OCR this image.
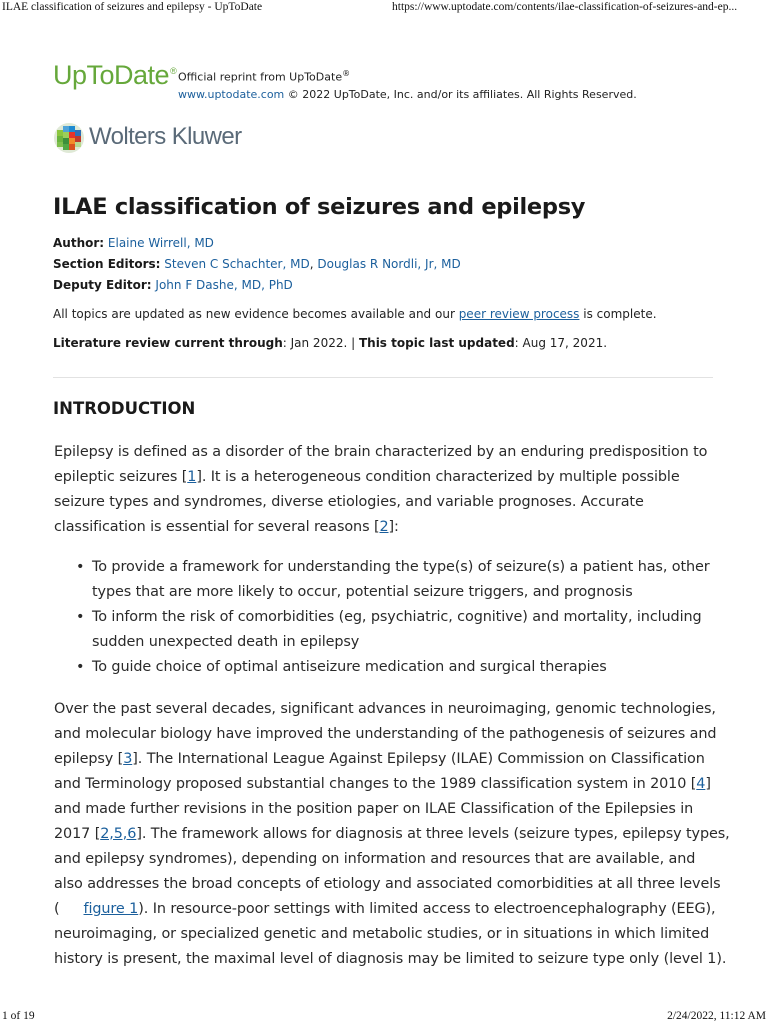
ILAE classification of seizures and epilepsy - UpToDate	https://www.uptodate.com/contents/ilae-classification-of-seizures-and-ep...
UpToDate® Official reprint from UpToDate®
www.uptodate.com © 2022 UpToDate, Inc. and/or its affiliates. All Rights Reserved.
Wolters Kluwer
ILAE classification of seizures and epilepsy
Author: Elaine Wirrell, MD
Section Editors: Steven C Schachter, MD, Douglas R Nordli, Jr, MD
Deputy Editor: John F Dashe, MD, PhD
All topics are updated as new evidence becomes available and our peer review process is complete.
Literature review current through: Jan 2022. | This topic last updated: Aug 17, 2021.
INTRODUCTION

Epilepsy is defined as a disorder of the brain characterized by an enduring predisposition to
epileptic seizures [1]. It is a heterogeneous condition characterized by multiple possible
seizure types and syndromes, diverse etiologies, and variable prognoses. Accurate
classification is essential for several reasons [2]:

• To provide a framework for understanding the type(s) of seizure(s) a patient has, other
types that are more likely to occur, potential seizure triggers, and prognosis
• To inform the risk of comorbidities (eg, psychiatric, cognitive) and mortality, including
sudden unexpected death in epilepsy
• To guide choice of optimal antiseizure medication and surgical therapies

Over the past several decades, significant advances in neuroimaging, genomic technologies,
and molecular biology have improved the understanding of the pathogenesis of seizures and
epilepsy [3]. The International League Against Epilepsy (ILAE) Commission on Classification
and Terminology proposed substantial changes to the 1989 classification system in 2010 [4]
and made further revisions in the position paper on ILAE Classification of the Epilepsies in
2017 [2,5,6]. The framework allows for diagnosis at three levels (seizure types, epilepsy types,
and epilepsy syndromes), depending on information and resources that are available, and
also addresses the broad concepts of etiology and associated comorbidities at all three levels
( figure 1). In resource-poor settings with limited access to electroencephalography (EEG),
neuroimaging, or specialized genetic and metabolic studies, or in situations in which limited
history is present, the maximal level of diagnosis may be limited to seizure type only (level 1).

1 of 19	2/24/2022, 11:12 AM
